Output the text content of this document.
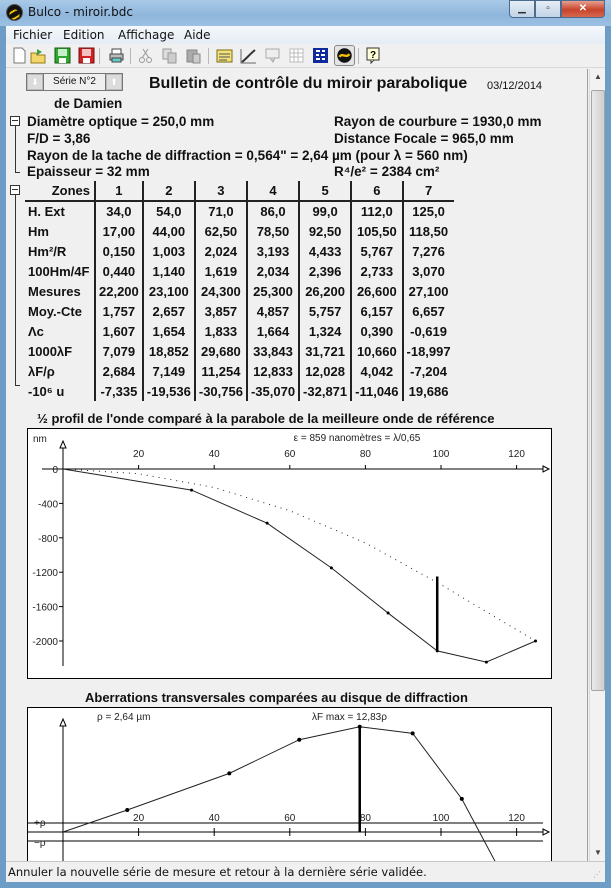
Bulco - miroir.bdc	▁	▫	✕
Fichier Edition Affichage Aide
?
⬇	Série N°2	⬆ Bulletin de contrôle du miroir parabolique 03/12/2014
de Damien
Diamètre optique = 250,0 mm	Rayon de courbure = 1930,0 mm
F/D = 3,86	Distance Focale = 965,0 mm
Rayon de la tache de diffraction = 0,564" = 2,64 µm (pour λ = 560 nm)
Epaisseur = 32 mm	R⁴/e² = 2384 cm²
Zones	1	2	3	4	5	6	7
H. Ext	34,0	54,0	71,0	86,0	99,0	112,0	125,0
Hm	17,00	44,00	62,50	78,50	92,50	105,50	118,50
Hm²/R	0,150	1,003	2,024	3,193	4,433	5,767	7,276
100Hm/4F	0,440	1,140	1,619	2,034	2,396	2,733	3,070
Mesures	22,200	23,100	24,300	25,300	26,200	26,600	27,100
Moy.-Cte	1,757	2,657	3,857	4,857	5,757	6,157	6,657
Λc	1,607	1,654	1,833	1,664	1,324	0,390	-0,619
1000λF	7,079	18,852	29,680	33,843	31,721	10,660	-18,997
λF/ρ	2,684	7,149	11,254	12,833	12,028	4,042	-7,204
-10⁶ u	-7,335	-19,536	-30,756	-35,070	-32,871	-11,046	19,686
½ profil de l'onde comparé à la parabole de la meilleure onde de référence
nm	ε = 859 nanomètres = λ/0,65
20	40	60	80	100	120
0
-400
-800
-1200
-1600
-2000
Aberrations transversales comparées au disque de diffraction
+ρ
−ρ
ρ = 2,64 µm	λF max = 12,83ρ
20	40	60	80	100	120
▲
▼
Annuler la nouvelle série de mesure et retour à la dernière série validée.	⋰
